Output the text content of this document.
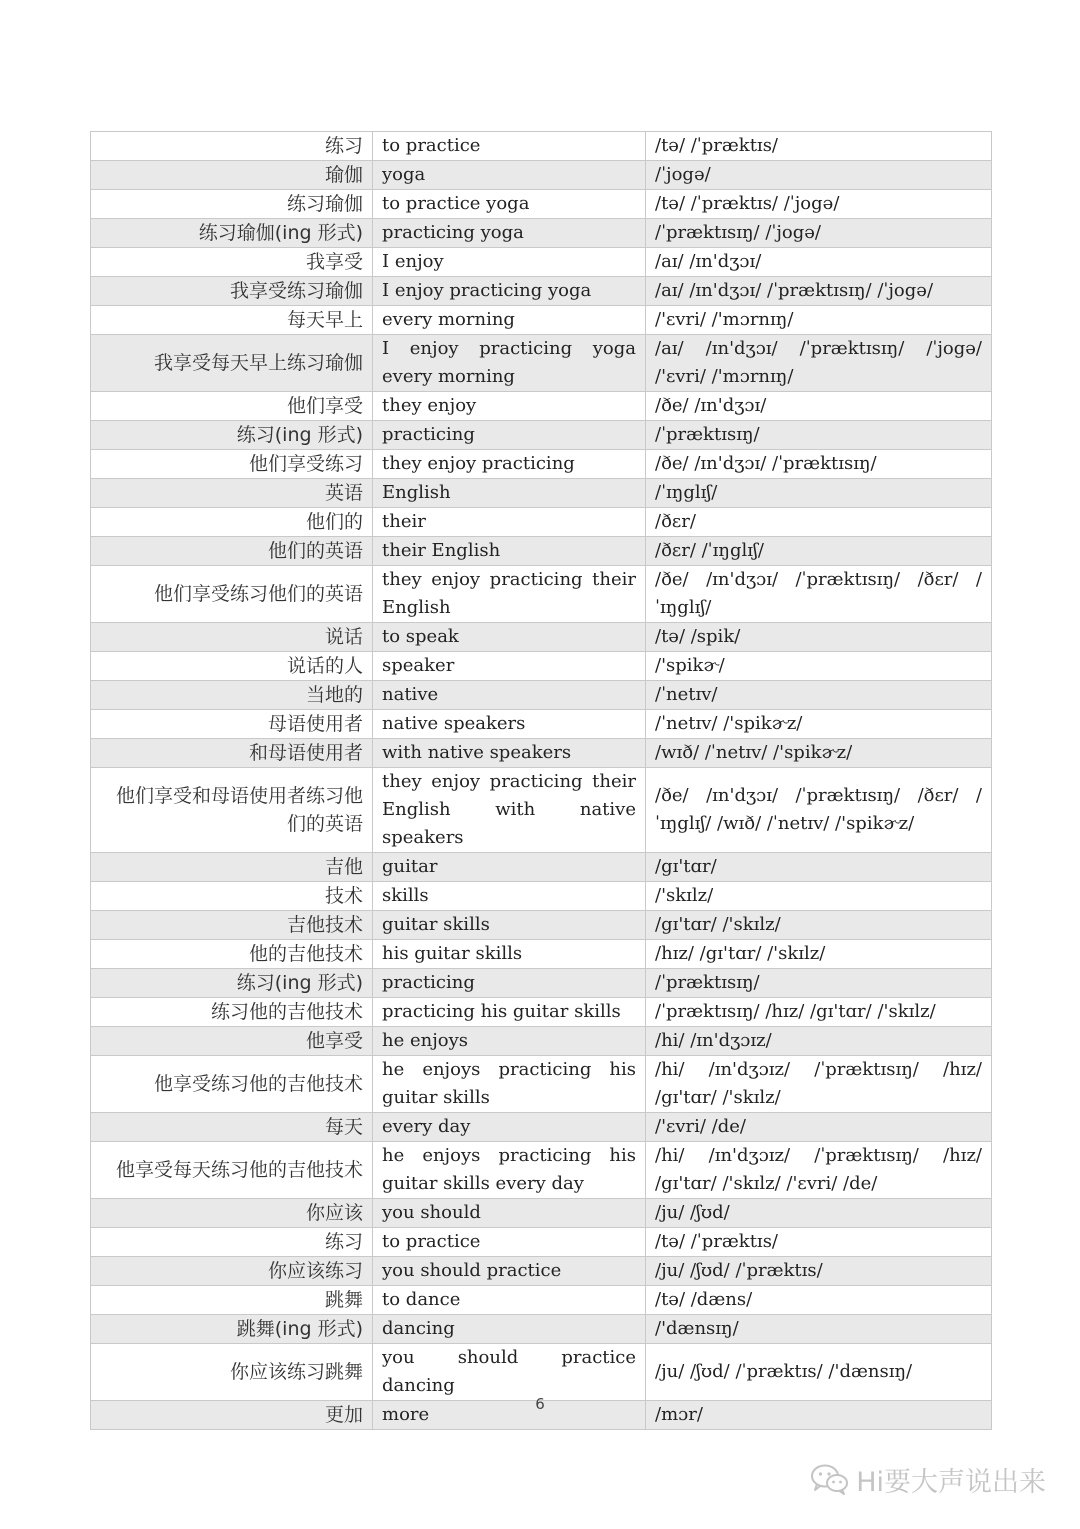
练习	to practice	/tə/ /ˈpræktɪs/
瑜伽	yoga	/ˈjogə/
练习瑜伽	to practice yoga	/tə/ /ˈpræktɪs/ /ˈjogə/
练习瑜伽(ing 形式)	practicing yoga	/ˈpræktɪsɪŋ/ /ˈjogə/
我享受	I enjoy	/aɪ/ /ɪn'dʒɔɪ/
我享受练习瑜伽	I enjoy practicing yoga	/aɪ/ /ɪn'dʒɔɪ/ /ˈpræktɪsɪŋ/ /ˈjogə/
每天早上	every morning	/'ɛvri/ /'mɔrnɪŋ/
我享受每天早上练习瑜伽	I enjoy practicing yoga every morning	/aɪ/ /ɪn'dʒɔɪ/ /ˈpræktɪsɪŋ/ /ˈjogə/ /'ɛvri/ /'mɔrnɪŋ/
他们享受	they enjoy	/ðe/ /ɪn'dʒɔɪ/
练习(ing 形式)	practicing	/ˈpræktɪsɪŋ/
他们享受练习	they enjoy practicing	/ðe/ /ɪn'dʒɔɪ/ /ˈpræktɪsɪŋ/
英语	English	/ˈɪŋglɪʃ/
他们的	their	/ðɛr/
他们的英语	their English	/ðɛr/ /ˈɪŋglɪʃ/
他们享受练习他们的英语	they enjoy practicing their English	/ðe/ /ɪn'dʒɔɪ/ /ˈpræktɪsɪŋ/ /ðɛr/ /ˈɪŋglɪʃ/
说话	to speak	/tə/ /spik/
说话的人	speaker	/'spikɚ/
当地的	native	/ˈnetɪv/
母语使用者	native speakers	/ˈnetɪv/ /'spikɚz/
和母语使用者	with native speakers	/wɪð/ /ˈnetɪv/ /'spikɚz/
他们享受和母语使用者练习他们的英语	they enjoy practicing their English with native speakers	/ðe/ /ɪn'dʒɔɪ/ /ˈpræktɪsɪŋ/ /ðɛr/ /ˈɪŋglɪʃ/ /wɪð/ /ˈnetɪv/ /'spikɚz/
吉他	guitar	/gɪ'tɑr/
技术	skills	/'skɪlz/
吉他技术	guitar skills	/gɪ'tɑr/ /'skɪlz/
他的吉他技术	his guitar skills	/hɪz/ /gɪ'tɑr/ /'skɪlz/
练习(ing 形式)	practicing	/ˈpræktɪsɪŋ/
练习他的吉他技术	practicing his guitar skills	/ˈpræktɪsɪŋ/ /hɪz/ /gɪ'tɑr/ /'skɪlz/
他享受	he enjoys	/hi/ /ɪn'dʒɔɪz/
他享受练习他的吉他技术	he enjoys practicing his guitar skills	/hi/ /ɪn'dʒɔɪz/ /ˈpræktɪsɪŋ/ /hɪz/ /gɪ'tɑr/ /'skɪlz/
每天	every day	/'ɛvri/ /de/
他享受每天练习他的吉他技术	he enjoys practicing his guitar skills every day	/hi/ /ɪn'dʒɔɪz/ /ˈpræktɪsɪŋ/ /hɪz/ /gɪ'tɑr/ /'skɪlz/ /'ɛvri/ /de/
你应该	you should	/ju/ /ʃʊd/
练习	to practice	/tə/ /ˈpræktɪs/
你应该练习	you should practice	/ju/ /ʃʊd/ /ˈpræktɪs/
跳舞	to dance	/tə/ /dæns/
跳舞(ing 形式)	dancing	/'dænsɪŋ/
你应该练习跳舞	you should practice dancing	/ju/ /ʃʊd/ /ˈpræktɪs/ /'dænsɪŋ/
更加	more	/mɔr/
6
Hi要大声说出来
